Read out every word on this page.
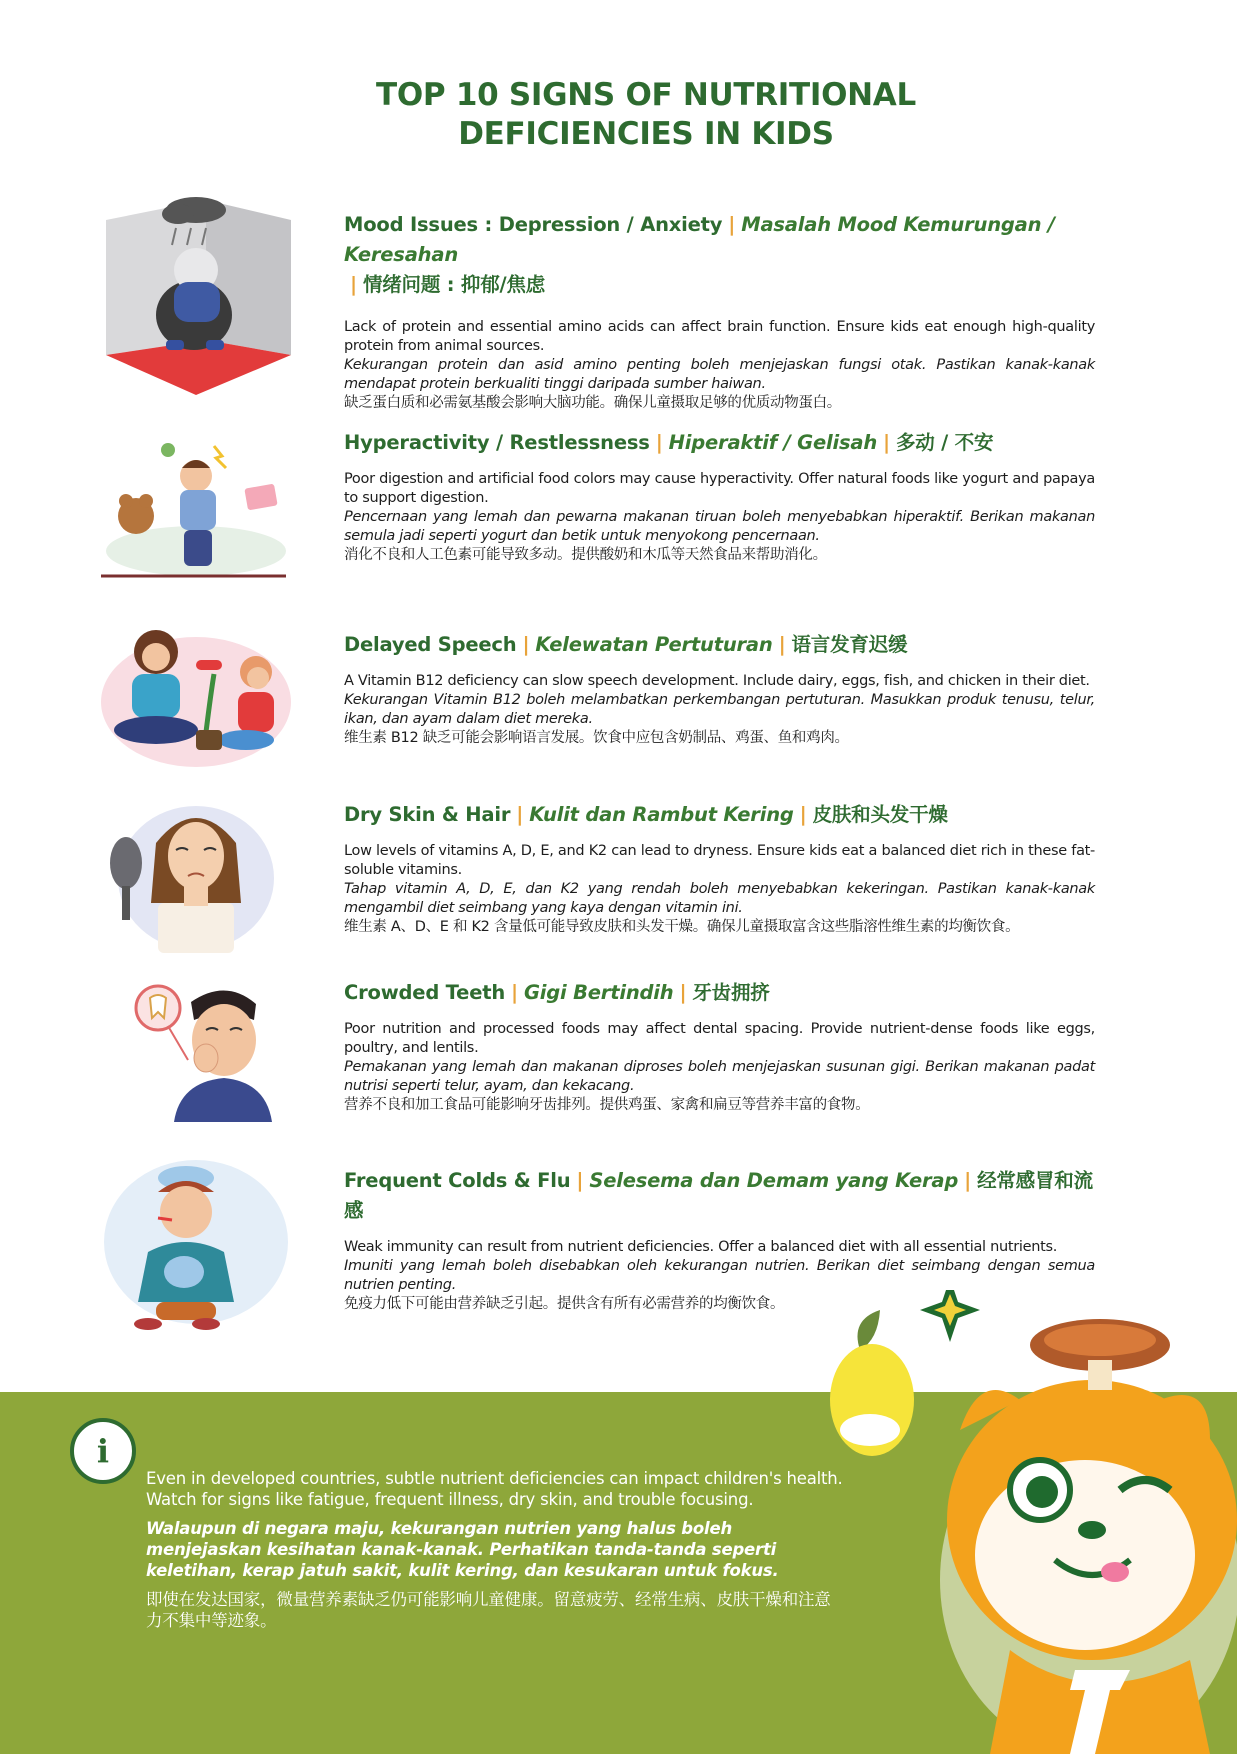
TOP 10 SIGNS OF NUTRITIONAL
DEFICIENCIES IN KIDS
Mood Issues : Depression / Anxiety | Masalah Mood Kemurungan / Keresahan
| 情绪问题 : 抑郁/焦虑

Lack of protein and essential amino acids can affect brain function. Ensure kids eat enough high-quality protein from animal sources.

Kekurangan protein dan asid amino penting boleh menjejaskan fungsi otak. Pastikan kanak-kanak mendapat protein berkualiti tinggi daripada sumber haiwan.

缺乏蛋白质和必需氨基酸会影响大脑功能。确保儿童摄取足够的优质动物蛋白。

Hyperactivity / Restlessness | Hiperaktif / Gelisah | 多动 / 不安

Poor digestion and artificial food colors may cause hyperactivity. Offer natural foods like yogurt and papaya to support digestion.

Pencernaan yang lemah dan pewarna makanan tiruan boleh menyebabkan hiperaktif. Berikan makanan semula jadi seperti yogurt dan betik untuk menyokong pencernaan.

消化不良和人工色素可能导致多动。提供酸奶和木瓜等天然食品来帮助消化。

Delayed Speech | Kelewatan Pertuturan | 语言发育迟缓

A Vitamin B12 deficiency can slow speech development. Include dairy, eggs, fish, and chicken in their diet.

Kekurangan Vitamin B12 boleh melambatkan perkembangan pertuturan. Masukkan produk tenusu, telur, ikan, dan ayam dalam diet mereka.

维生素 B12 缺乏可能会影响语言发展。饮食中应包含奶制品、鸡蛋、鱼和鸡肉。

Dry Skin & Hair | Kulit dan Rambut Kering | 皮肤和头发干燥

Low levels of vitamins A, D, E, and K2 can lead to dryness. Ensure kids eat a balanced diet rich in these fat-soluble vitamins.

Tahap vitamin A, D, E, dan K2 yang rendah boleh menyebabkan kekeringan. Pastikan kanak-kanak mengambil diet seimbang yang kaya dengan vitamin ini.

维生素 A、D、E 和 K2 含量低可能导致皮肤和头发干燥。确保儿童摄取富含这些脂溶性维生素的均衡饮食。

Crowded Teeth | Gigi Bertindih | 牙齿拥挤

Poor nutrition and processed foods may affect dental spacing. Provide nutrient-dense foods like eggs, poultry, and lentils.

Pemakanan yang lemah dan makanan diproses boleh menjejaskan susunan gigi. Berikan makanan padat nutrisi seperti telur, ayam, dan kekacang.

营养不良和加工食品可能影响牙齿排列。提供鸡蛋、家禽和扁豆等营养丰富的食物。

Frequent Colds & Flu | Selesema dan Demam yang Kerap | 经常感冒和流感

Weak immunity can result from nutrient deficiencies. Offer a balanced diet with all essential nutrients.

Imuniti yang lemah boleh disebabkan oleh kekurangan nutrien. Berikan diet seimbang dengan semua nutrien penting.

免疫力低下可能由营养缺乏引起。提供含有所有必需营养的均衡饮食。

i

Even in developed countries, subtle nutrient deficiencies can impact children's health. Watch for signs like fatigue, frequent illness, dry skin, and trouble focusing.

Walaupun di negara maju, kekurangan nutrien yang halus boleh menjejaskan kesihatan kanak-kanak. Perhatikan tanda-tanda seperti keletihan, kerap jatuh sakit, kulit kering, dan kesukaran untuk fokus.

即使在发达国家，微量营养素缺乏仍可能影响儿童健康。留意疲劳、经常生病、皮肤干燥和注意力不集中等迹象。
